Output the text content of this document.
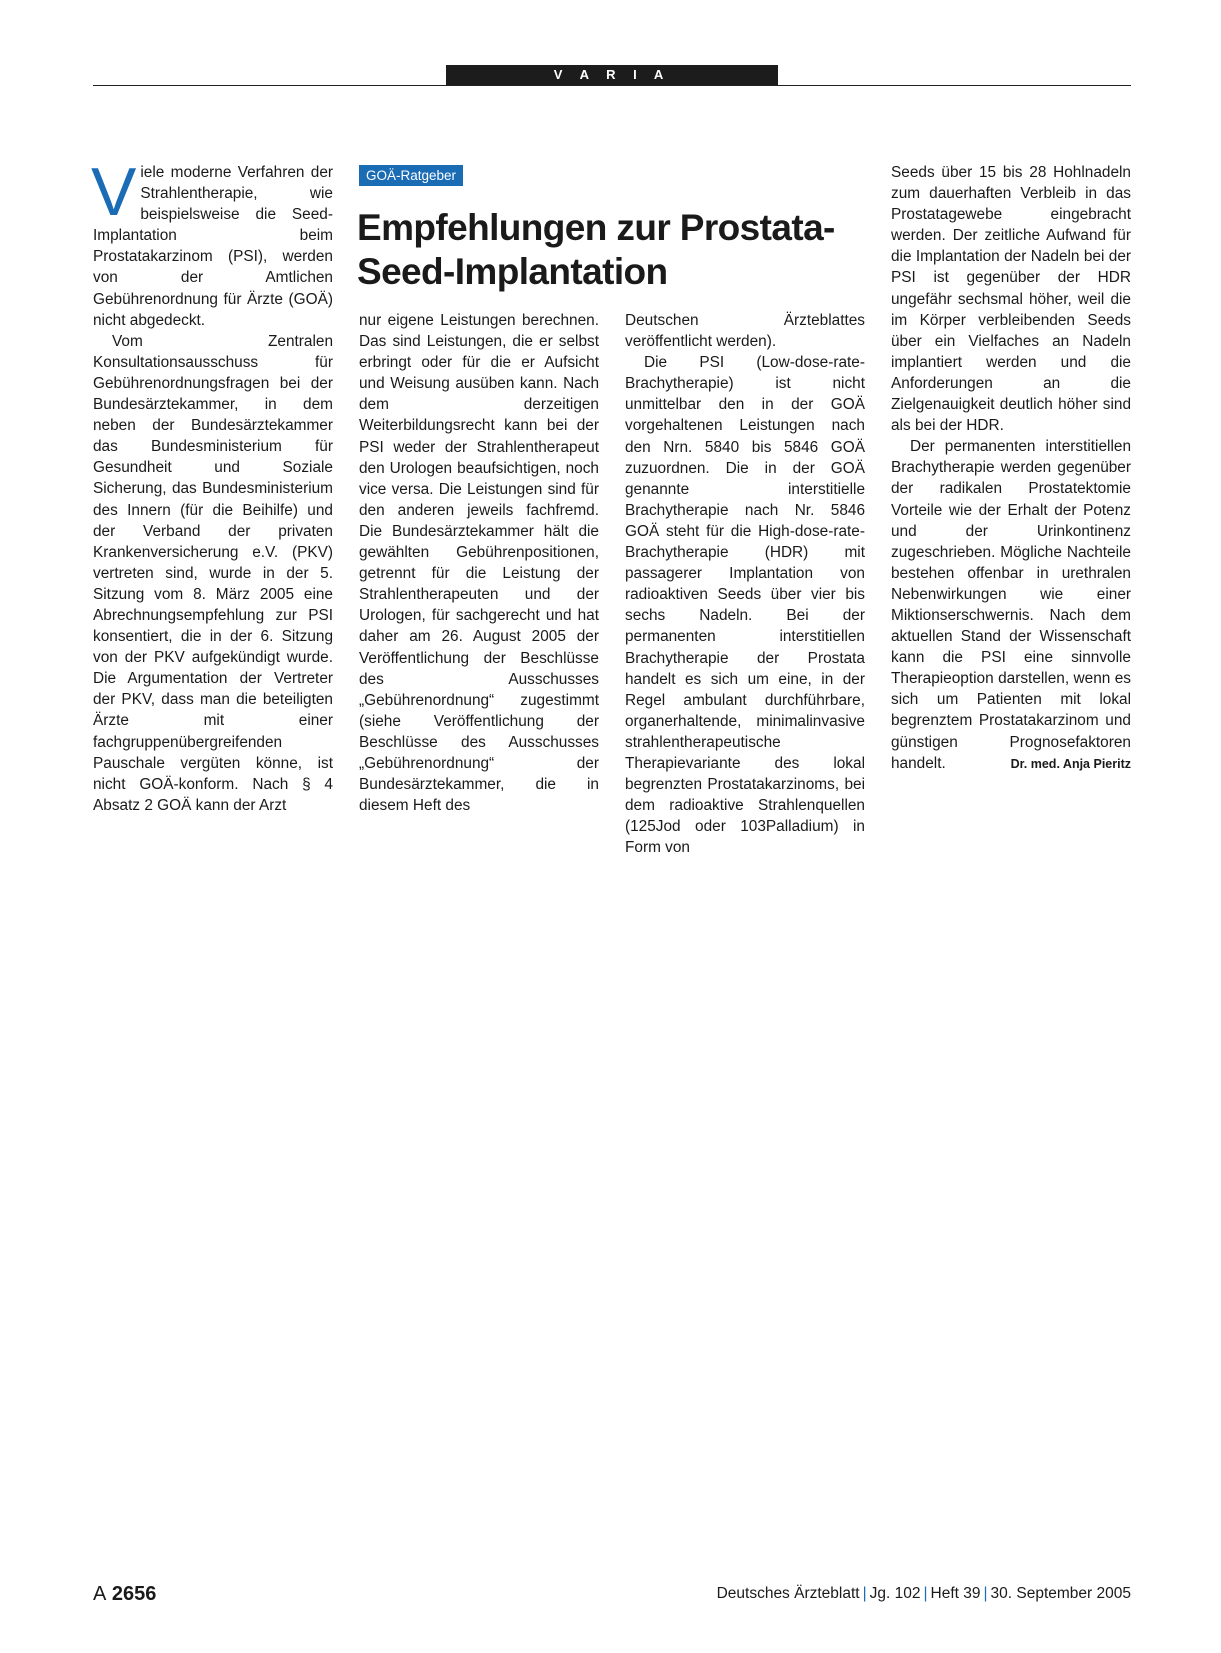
V A R I A

Viele moderne Verfahren der Strahlentherapie, wie beispielsweise die Seed-Implantation beim Prostatakarzinom (PSI), werden von der Amtlichen Gebührenordnung für Ärzte (GOÄ) nicht abgedeckt.

Vom Zentralen Konsultationsausschuss für Gebührenordnungsfragen bei der Bundesärztekammer, in dem neben der Bundesärztekammer das Bundesministerium für Gesundheit und Soziale Sicherung, das Bundesministerium des Innern (für die Beihilfe) und der Verband der privaten Krankenversicherung e.V. (PKV) vertreten sind, wurde in der 5. Sitzung vom 8. März 2005 eine Abrechnungsempfehlung zur PSI konsentiert, die in der 6. Sitzung von der PKV aufgekündigt wurde. Die Argumentation der Vertreter der PKV, dass man die beteiligten Ärzte mit einer fachgruppenübergreifenden Pauschale vergüten könne, ist nicht GOÄ-konform. Nach § 4 Absatz 2 GOÄ kann der Arzt

GOÄ-Ratgeber
Empfehlungen zur Prostata-Seed-Implantation

nur eigene Leistungen berechnen. Das sind Leistungen, die er selbst erbringt oder für die er Aufsicht und Weisung ausüben kann. Nach dem derzeitigen Weiterbildungsrecht kann bei der PSI weder der Strahlentherapeut den Urologen beaufsichtigen, noch vice versa. Die Leistungen sind für den anderen jeweils fachfremd. Die Bundesärztekammer hält die gewählten Gebührenpositionen, getrennt für die Leistung der Strahlentherapeuten und der Urologen, für sachgerecht und hat daher am 26. August 2005 der Veröffentlichung der Beschlüsse des Ausschusses „Gebührenordnung“ zugestimmt (siehe Veröffentlichung der Beschlüsse des Ausschusses „Gebührenordnung“ der Bundesärztekammer, die in diesem Heft des

Deutschen Ärzteblattes veröffentlicht werden).

Die PSI (Low-dose-rate-Brachytherapie) ist nicht unmittelbar den in der GOÄ vorgehaltenen Leistungen nach den Nrn. 5840 bis 5846 GOÄ zuzuordnen. Die in der GOÄ genannte interstitielle Brachytherapie nach Nr. 5846 GOÄ steht für die High-dose-rate-Brachytherapie (HDR) mit passagerer Implantation von radioaktiven Seeds über vier bis sechs Nadeln. Bei der permanenten interstitiellen Brachytherapie der Prostata handelt es sich um eine, in der Regel ambulant durchführbare, organerhaltende, minimalinvasive strahlentherapeutische Therapievariante des lokal begrenzten Prostatakarzinoms, bei dem radioaktive Strahlenquellen (125Jod oder 103Palladium) in Form von

Seeds über 15 bis 28 Hohlnadeln zum dauerhaften Verbleib in das Prostatagewebe eingebracht werden. Der zeitliche Aufwand für die Implantation der Nadeln bei der PSI ist gegenüber der HDR ungefähr sechsmal höher, weil die im Körper verbleibenden Seeds über ein Vielfaches an Nadeln implantiert werden und die Anforderungen an die Zielgenauigkeit deutlich höher sind als bei der HDR.

Der permanenten interstitiellen Brachytherapie werden gegenüber der radikalen Prostatektomie Vorteile wie der Erhalt der Potenz und der Urinkontinenz zugeschrieben. Mögliche Nachteile bestehen offenbar in urethralen Nebenwirkungen wie einer Miktionserschwernis. Nach dem aktuellen Stand der Wissenschaft kann die PSI eine sinnvolle Therapieoption darstellen, wenn es sich um Patienten mit lokal begrenztem Prostatakarzinom und günstigen Prognosefaktoren handelt.	Dr. med. Anja Pieritz

A 2656	Deutsches Ärzteblatt | Jg. 102 | Heft 39 | 30. September 2005
